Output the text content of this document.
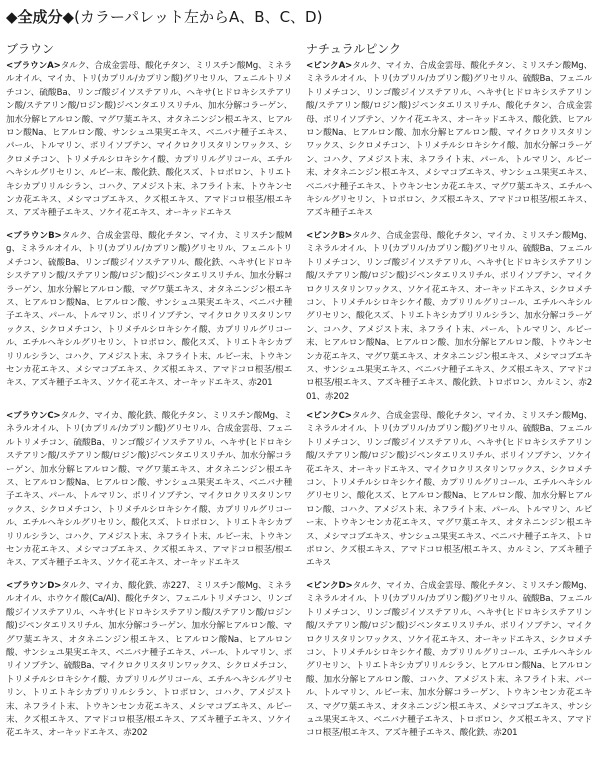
◆全成分◆(カラーパレット左からA、B、C、D)
ブラウン	ナチュラルピンク

<ブラウンA>タルク、合成金雲母、酸化チタン、ミリスチン酸Mg、ミネラルオイル、マイカ、トリ(カプリル/カプリン酸)グリセリル、フェニルトリメチコン、硫酸Ba、リンゴ酸ジイソステアリル、ヘキサ(ヒドロキシステアリン酸/ステアリン酸/ロジン酸)ジペンタエリスリチル、加水分解コラーゲン、加水分解ヒアルロン酸、マグワ葉エキス、オタネニンジン根エキス、ヒアルロン酸Na、ヒアルロン酸、サンシュユ果実エキス、ベニバナ種子エキス、パール、トルマリン、ポリイソブテン、マイクロクリスタリンワックス、シクロメチコン、トリメチルシロキシケイ酸、カプリリルグリコール、エチルヘキシルグリセリン、ルビー末、酸化鉄、酸化スズ、トロポロン、トリエトキシカプリリルシラン、コハク、アメジスト末、ネフライト末、トウキンセンカ花エキス、メシマコブエキス、クズ根エキス、アマドコロ根茎/根エキス、アズキ種子エキス、ソケイ花エキス、オーキッドエキス

<ブラウンB>タルク、合成金雲母、酸化チタン、マイカ、ミリスチン酸Mg、ミネラルオイル、トリ(カプリル/カプリン酸)グリセリル、フェニルトリメチコン、硫酸Ba、リンゴ酸ジイソステアリル、酸化鉄、ヘキサ(ヒドロキシステアリン酸/ステアリン酸/ロジン酸)ジペンタエリスリチル、加水分解コラーゲン、加水分解ヒアルロン酸、マグワ葉エキス、オタネニンジン根エキス、ヒアルロン酸Na、ヒアルロン酸、サンシュユ果実エキス、ベニバナ種子エキス、パール、トルマリン、ポリイソブテン、マイクロクリスタリンワックス、シクロメチコン、トリメチルシロキシケイ酸、カプリリルグリコール、エチルヘキシルグリセリン、トロポロン、酸化スズ、トリエトキシカプリリルシラン、コハク、アメジスト末、ネフライト末、ルビー末、トウキンセンカ花エキス、メシマコブエキス、クズ根エキス、アマドコロ根茎/根エキス、アズキ種子エキス、ソケイ花エキス、オーキッドエキス、赤201

<ブラウンC>タルク、マイカ、酸化鉄、酸化チタン、ミリスチン酸Mg、ミネラルオイル、トリ(カプリル/カプリン酸)グリセリル、合成金雲母、フェニルトリメチコン、硫酸Ba、リンゴ酸ジイソステアリル、ヘキサ(ヒドロキシステアリン酸/ステアリン酸/ロジン酸)ジペンタエリスリチル、加水分解コラーゲン、加水分解ヒアルロン酸、マグワ葉エキス、オタネニンジン根エキス、ヒアルロン酸Na、ヒアルロン酸、サンシュユ果実エキス、ベニバナ種子エキス、パール、トルマリン、ポリイソブテン、マイクロクリスタリンワックス、シクロメチコン、トリメチルシロキシケイ酸、カプリリルグリコール、エチルヘキシルグリセリン、酸化スズ、トロポロン、トリエトキシカプリリルシラン、コハク、アメジスト末、ネフライト末、ルビー末、トウキンセンカ花エキス、メシマコブエキス、クズ根エキス、アマドコロ根茎/根エキス、アズキ種子エキス、ソケイ花エキス、オーキッドエキス

<ブラウンD>タルク、マイカ、酸化鉄、赤227、ミリスチン酸Mg、ミネラルオイル、ホウケイ酸(Ca/Al)、酸化チタン、フェニルトリメチコン、リンゴ酸ジイソステアリル、ヘキサ(ヒドロキシステアリン酸/ステアリン酸/ロジン酸)ジペンタエリスリチル、加水分解コラーゲン、加水分解ヒアルロン酸、マグワ葉エキス、オタネニンジン根エキス、ヒアルロン酸Na、ヒアルロン酸、サンシュユ果実エキス、ベニバナ種子エキス、パール、トルマリン、ポリイソブテン、硫酸Ba、マイクロクリスタリンワックス、シクロメチコン、トリメチルシロキシケイ酸、カプリリルグリコール、エチルヘキシルグリセリン、トリエトキシカプリリルシラン、トロポロン、コハク、アメジスト末、ネフライト末、トウキンセンカ花エキス、メシマコブエキス、ルビー末、クズ根エキス、アマドコロ根茎/根エキス、アズキ種子エキス、ソケイ花エキス、オーキッドエキス、赤202

<ピンクA>タルク、マイカ、合成金雲母、酸化チタン、ミリスチン酸Mg、ミネラルオイル、トリ(カプリル/カプリン酸)グリセリル、硫酸Ba、フェニルトリメチコン、リンゴ酸ジイソステアリル、ヘキサ(ヒドロキシステアリン酸/ステアリン酸/ロジン酸)ジペンタエリスリチル、酸化チタン、合成金雲母、ポリイソブテン、ソケイ花エキス、オーキッドエキス、酸化鉄、ヒアルロン酸Na、ヒアルロン酸、加水分解ヒアルロン酸、マイクロクリスタリンワックス、シクロメチコン、トリメチルシロキシケイ酸、加水分解コラーゲン、コハク、アメジスト末、ネフライト末、パール、トルマリン、ルビー末、オタネニンジン根エキス、メシマコブエキス、サンシュユ果実エキス、ベニバナ種子エキス、トウキンセンカ花エキス、マグワ葉エキス、エチルヘキシルグリセリン、トロポロン、クズ根エキス、アマドコロ根茎/根エキス、アズキ種子エキス

<ピンクB>タルク、合成金雲母、酸化チタン、マイカ、ミリスチン酸Mg、ミネラルオイル、トリ(カプリル/カプリン酸)グリセリル、硫酸Ba、フェニルトリメチコン、リンゴ酸ジイソステアリル、ヘキサ(ヒドロキシステアリン酸/ステアリン酸/ロジン酸)ジペンタエリスリチル、ポリイソブテン、マイクロクリスタリンワックス、ソケイ花エキス、オーキッドエキス、シクロメチコン、トリメチルシロキシケイ酸、カプリリルグリコール、エチルヘキシルグリセリン、酸化スズ、トリエトキシカプリリルシラン、加水分解コラーゲン、コハク、アメジスト末、ネフライト末、パール、トルマリン、ルビー末、ヒアルロン酸Na、ヒアルロン酸、加水分解ヒアルロン酸、トウキンセンカ花エキス、マグワ葉エキス、オタネニンジン根エキス、メシマコブエキス、サンシュユ果実エキス、ベニバナ種子エキス、クズ根エキス、アマドコロ根茎/根エキス、アズキ種子エキス、酸化鉄、トロポロン、カルミン、赤201、赤202

<ピンクC>タルク、合成金雲母、酸化チタン、マイカ、ミリスチン酸Mg、ミネラルオイル、トリ(カプリル/カプリン酸)グリセリル、硫酸Ba、フェニルトリメチコン、リンゴ酸ジイソステアリル、ヘキサ(ヒドロキシステアリン酸/ステアリン酸/ロジン酸)ジペンタエリスリチル、ポリイソブテン、ソケイ花エキス、オーキッドエキス、マイクロクリスタリンワックス、シクロメチコン、トリメチルシロキシケイ酸、カプリリルグリコール、エチルヘキシルグリセリン、酸化スズ、ヒアルロン酸Na、ヒアルロン酸、加水分解ヒアルロン酸、コハク、アメジスト末、ネフライト末、パール、トルマリン、ルビー末、トウキンセンカ花エキス、マグワ葉エキス、オタネニンジン根エキス、メシマコブエキス、サンシュユ果実エキス、ベニバナ種子エキス、トロポロン、クズ根エキス、アマドコロ根茎/根エキス、カルミン、アズキ種子エキス

<ピンクD>タルク、マイカ、合成金雲母、酸化チタン、ミリスチン酸Mg、ミネラルオイル、トリ(カプリル/カプリン酸)グリセリル、硫酸Ba、フェニルトリメチコン、リンゴ酸ジイソステアリル、ヘキサ(ヒドロキシステアリン酸/ステアリン酸/ロジン酸)ジペンタエリスリチル、ポリイソブテン、マイクロクリスタリンワックス、ソケイ花エキス、オーキッドエキス、シクロメチコン、トリメチルシロキシケイ酸、カプリリルグリコール、エチルヘキシルグリセリン、トリエトキシカプリリルシラン、ヒアルロン酸Na、ヒアルロン酸、加水分解ヒアルロン酸、コハク、アメジスト末、ネフライト末、パール、トルマリン、ルビー末、加水分解コラーゲン、トウキンセンカ花エキス、マグワ葉エキス、オタネニンジン根エキス、メシマコブエキス、サンシュユ果実エキス、ベニバナ種子エキス、トロポロン、クズ根エキス、アマドコロ根茎/根エキス、アズキ種子エキス、酸化鉄、赤201
